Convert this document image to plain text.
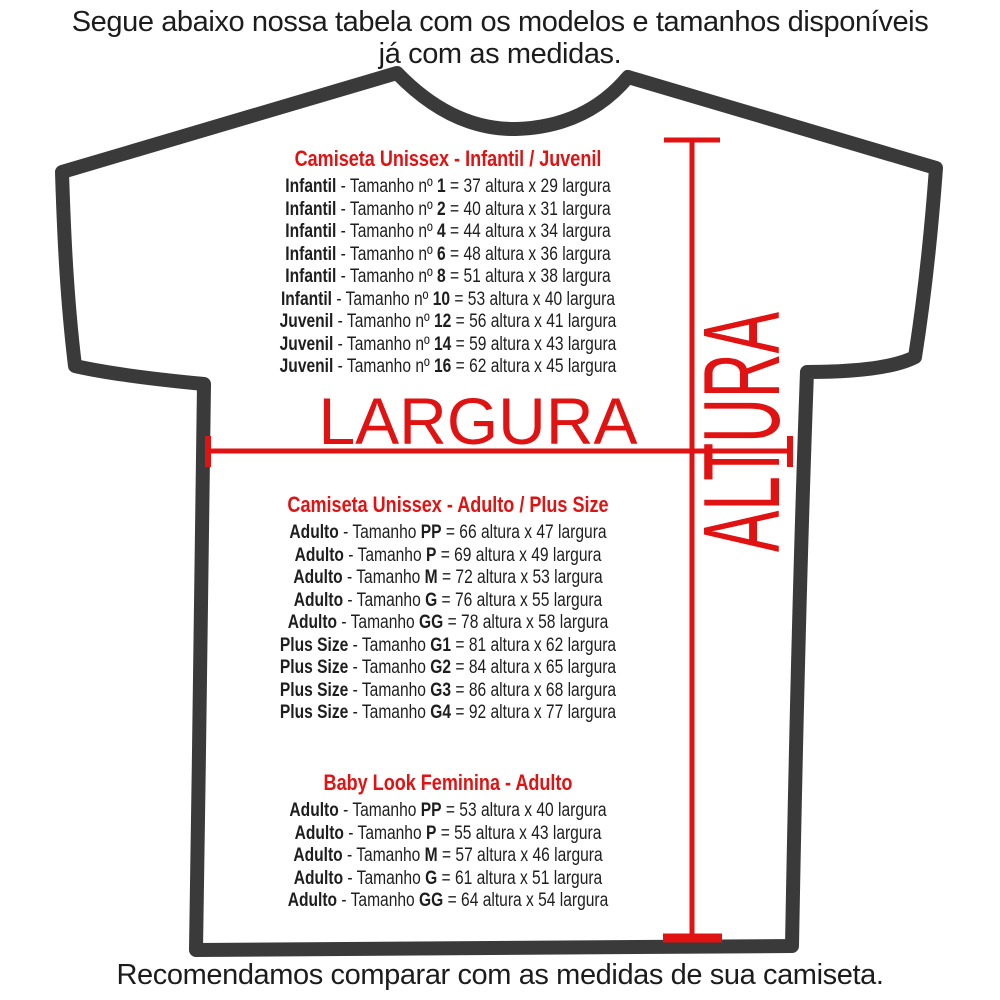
Segue abaixo nossa tabela com os modelos e tamanhos disponíveis
já com as medidas.
LARGURA ALTURA
Camiseta Unissex - Infantil / Juvenil
Infantil - Tamanho nº 1 = 37 altura x 29 largura
Infantil - Tamanho nº 2 = 40 altura x 31 largura
Infantil - Tamanho nº 4 = 44 altura x 34 largura
Infantil - Tamanho nº 6 = 48 altura x 36 largura
Infantil - Tamanho nº 8 = 51 altura x 38 largura
Infantil - Tamanho nº 10 = 53 altura x 40 largura
Juvenil - Tamanho nº 12 = 56 altura x 41 largura
Juvenil - Tamanho nº 14 = 59 altura x 43 largura
Juvenil - Tamanho nº 16 = 62 altura x 45 largura
Camiseta Unissex - Adulto / Plus Size
Adulto - Tamanho PP = 66 altura x 47 largura
Adulto - Tamanho P = 69 altura x 49 largura
Adulto - Tamanho M = 72 altura x 53 largura
Adulto - Tamanho G = 76 altura x 55 largura
Adulto - Tamanho GG = 78 altura x 58 largura
Plus Size - Tamanho G1 = 81 altura x 62 largura
Plus Size - Tamanho G2 = 84 altura x 65 largura
Plus Size - Tamanho G3 = 86 altura x 68 largura
Plus Size - Tamanho G4 = 92 altura x 77 largura
Baby Look Feminina - Adulto
Adulto - Tamanho PP = 53 altura x 40 largura
Adulto - Tamanho P = 55 altura x 43 largura
Adulto - Tamanho M = 57 altura x 46 largura
Adulto - Tamanho G = 61 altura x 51 largura
Adulto - Tamanho GG = 64 altura x 54 largura
Recomendamos comparar com as medidas de sua camiseta.
